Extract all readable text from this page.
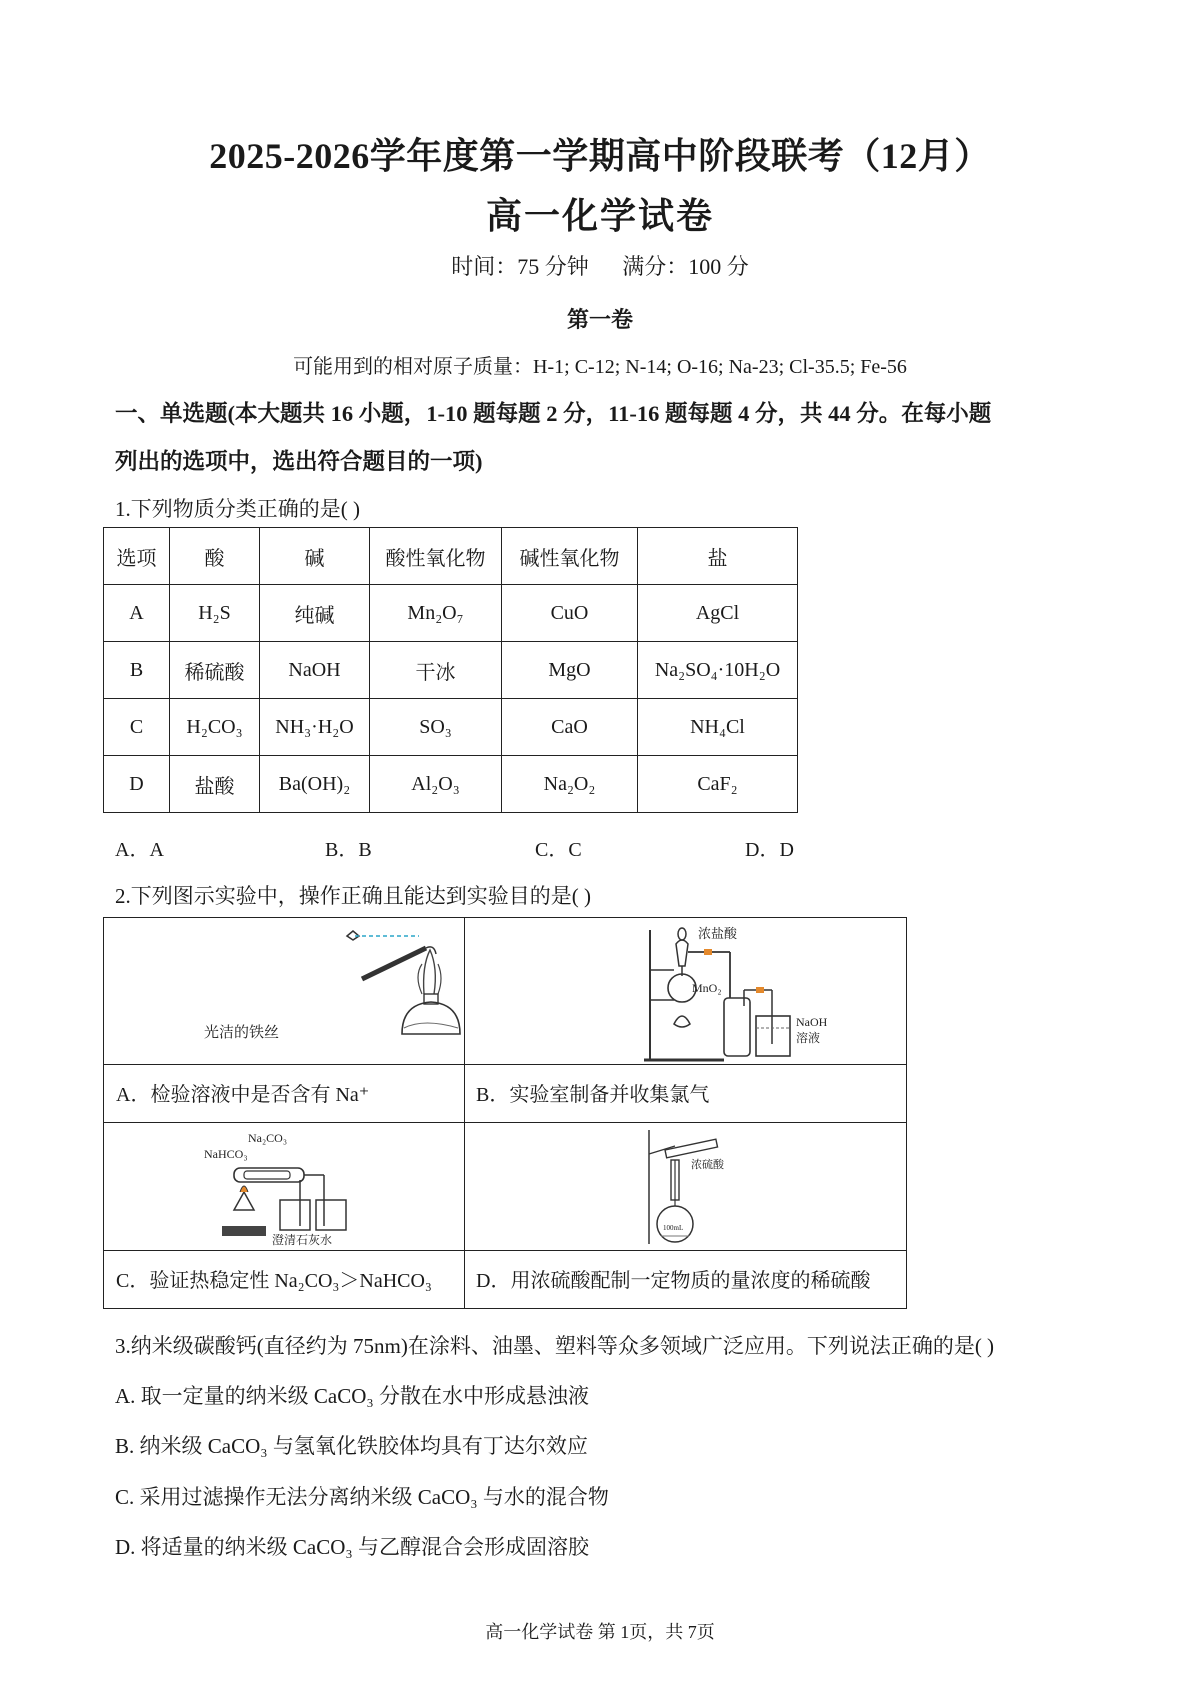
2025-2026学年度第一学期高中阶段联考（12月）
高一化学试卷
时间：75 分钟 满分：100 分
第一卷
可能用到的相对原子质量：H-1; C-12; N-14; O-16; Na-23; Cl-35.5; Fe-56
一、单选题(本大题共 16 小题，1-10 题每题 2 分，11-16 题每题 4 分，共 44 分。在每小题
列出的选项中，选出符合题目的一项)
1.下列物质分类正确的是( )
选项	酸	碱	酸性氧化物	碱性氧化物	盐
A	H₂S	纯碱	Mn₂O₇	CuO	AgCl
B	稀硫酸	NaOH	干冰	MgO	Na₂SO₄·10H₂O
C	H₂CO₃	NH₃·H₂O	SO₃	CaO	NH₄Cl
D	盐酸	Ba(OH)₂	Al₂O₃	Na₂O₂	CaF₂
A．A	B．B	C．C	D．D
2.下列图示实验中，操作正确且能达到实验目的是( )
光洁的铁丝
浓盐酸
MnO₂
NaOH
溶液
NaHCO₃
Na₂CO₃
澄清石灰水
浓硫酸
100mL
A．检验溶液中是否含有 Na⁺	B．实验室制备并收集氯气
C．验证热稳定性 Na₂CO₃＞NaHCO₃ D．用浓硫酸配制一定物质的量浓度的稀硫酸
3.纳米级碳酸钙(直径约为 75nm)在涂料、油墨、塑料等众多领域广泛应用。下列说法正确的是( )
A. 取一定量的纳米级 CaCO₃ 分散在水中形成悬浊液
B. 纳米级 CaCO₃ 与氢氧化铁胶体均具有丁达尔效应
C. 采用过滤操作无法分离纳米级 CaCO₃ 与水的混合物
D. 将适量的纳米级 CaCO₃ 与乙醇混合会形成固溶胶
高一化学试卷 第 1页，共 7页
